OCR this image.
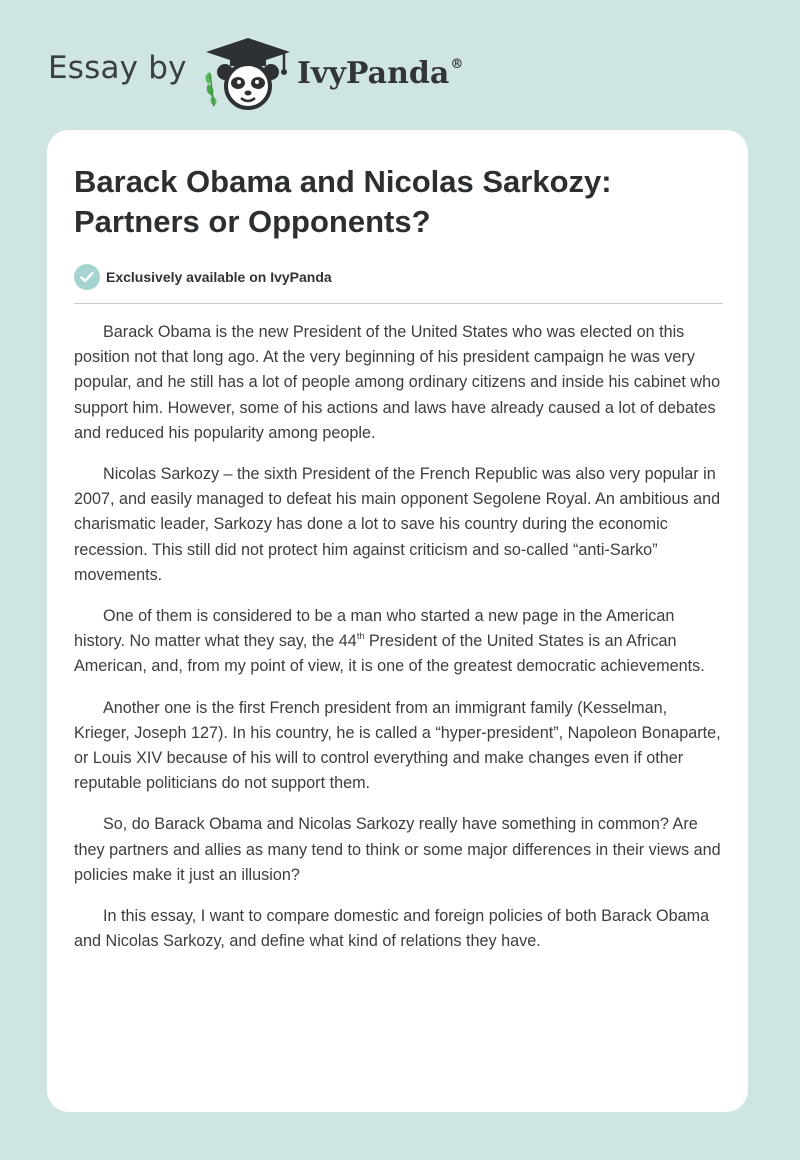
Essay by	IvyPanda®
Barack Obama and Nicolas Sarkozy: Partners or Opponents?
Exclusively available on IvyPanda

Barack Obama is the new President of the United States who was elected on this position not that long ago. At the very beginning of his president campaign he was very popular, and he still has a lot of people among ordinary citizens and inside his cabinet who support him. However, some of his actions and laws have already caused a lot of debates and reduced his popularity among people.

Nicolas Sarkozy – the sixth President of the French Republic was also very popular in 2007, and easily managed to defeat his main opponent Segolene Royal. An ambitious and charismatic leader, Sarkozy has done a lot to save his country during the economic recession. This still did not protect him against criticism and so-called “anti-Sarko” movements.

One of them is considered to be a man who started a new page in the American history. No matter what they say, the 44th President of the United States is an African American, and, from my point of view, it is one of the greatest democratic achievements.

Another one is the first French president from an immigrant family (Kesselman, Krieger, Joseph 127). In his country, he is called a “hyper-president”, Napoleon Bonaparte, or Louis XIV because of his will to control everything and make changes even if other reputable politicians do not support them.

So, do Barack Obama and Nicolas Sarkozy really have something in common? Are they partners and allies as many tend to think or some major differences in their views and policies make it just an illusion?

In this essay, I want to compare domestic and foreign policies of both Barack Obama and Nicolas Sarkozy, and define what kind of relations they have.
